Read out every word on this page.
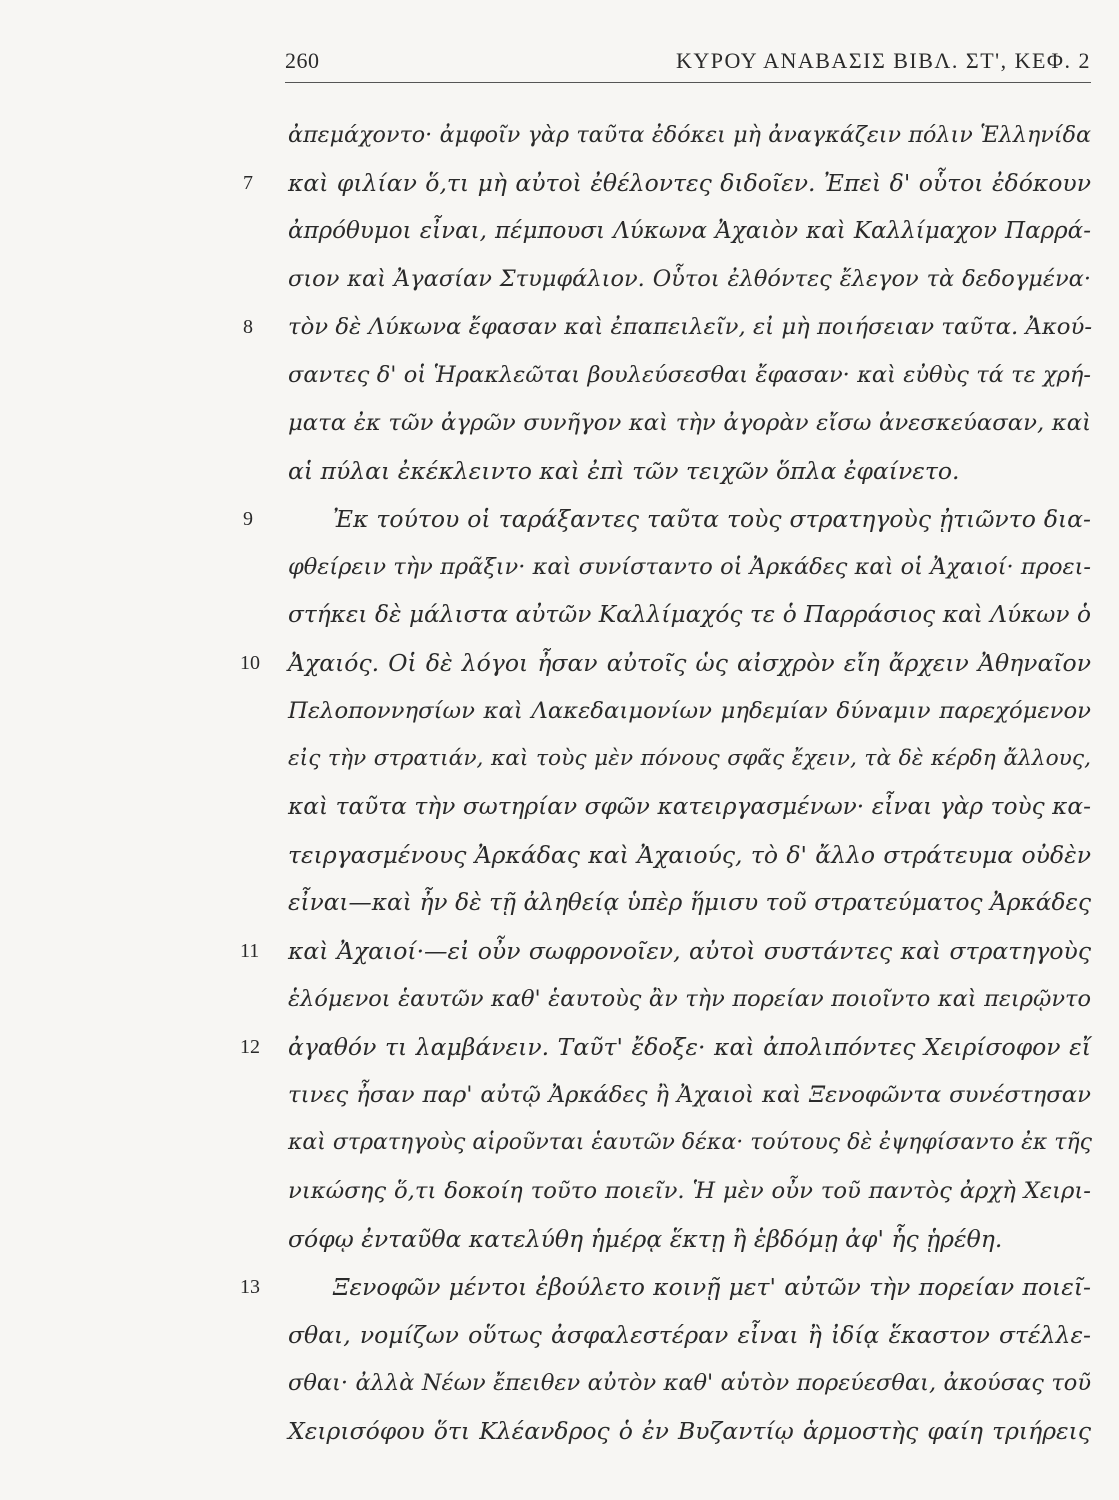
260	ΚΥΡΟΥ ΑΝΑΒΑΣΙΣ ΒΙΒΛ. ΣΤ', ΚΕΦ. 2
ἀπεμάχοντο· ἀμφοῖν γὰρ ταῦτα ἐδόκει μὴ ἀναγκάζειν πόλιν Ἑλληνίδα
7	καὶ φιλίαν ὅ,τι μὴ αὐτοὶ ἐθέλοντες διδοῖεν. Ἐπεὶ δ' οὗτοι ἐδόκουν
ἀπρόθυμοι εἶναι, πέμπουσι Λύκωνα Ἀχαιὸν καὶ Καλλίμαχον Παρρά-
σιον καὶ Ἀγασίαν Στυμφάλιον. Οὗτοι ἐλθόντες ἔλεγον τὰ δεδογμένα·
8	τὸν δὲ Λύκωνα ἔφασαν καὶ ἐπαπειλεῖν, εἰ μὴ ποιήσειαν ταῦτα. Ἀκού-
σαντες δ' οἱ Ἡρακλεῶται βουλεύσεσθαι ἔφασαν· καὶ εὐθὺς τά τε χρή-
ματα ἐκ τῶν ἀγρῶν συνῆγον καὶ τὴν ἀγορὰν εἴσω ἀνεσκεύασαν, καὶ
αἱ πύλαι ἐκέκλειντο καὶ ἐπὶ τῶν τειχῶν ὅπλα ἐφαίνετο.
9	Ἐκ τούτου οἱ ταράξαντες ταῦτα τοὺς στρατηγοὺς ᾐτιῶντο δια-
φθείρειν τὴν πρᾶξιν· καὶ συνίσταντο οἱ Ἀρκάδες καὶ οἱ Ἀχαιοί· προει-
στήκει δὲ μάλιστα αὐτῶν Καλλίμαχός τε ὁ Παρράσιος καὶ Λύκων ὁ
10	Ἀχαιός. Οἱ δὲ λόγοι ἦσαν αὐτοῖς ὡς αἰσχρὸν εἴη ἄρχειν Ἀθηναῖον
Πελοποννησίων καὶ Λακεδαιμονίων μηδεμίαν δύναμιν παρεχόμενον
εἰς τὴν στρατιάν, καὶ τοὺς μὲν πόνους σφᾶς ἔχειν, τὰ δὲ κέρδη ἄλλους,
καὶ ταῦτα τὴν σωτηρίαν σφῶν κατειργασμένων· εἶναι γὰρ τοὺς κα-
τειργασμένους Ἀρκάδας καὶ Ἀχαιούς, τὸ δ' ἄλλο στράτευμα οὐδὲν
εἶναι—καὶ ἦν δὲ τῇ ἀληθείᾳ ὑπὲρ ἥμισυ τοῦ στρατεύματος Ἀρκάδες
11	καὶ Ἀχαιοί·—εἰ οὖν σωφρονοῖεν, αὐτοὶ συστάντες καὶ στρατηγοὺς
ἑλόμενοι ἑαυτῶν καθ' ἑαυτοὺς ἂν τὴν πορείαν ποιοῖντο καὶ πειρῷντο
12	ἀγαθόν τι λαμβάνειν. Ταῦτ' ἔδοξε· καὶ ἀπολιπόντες Χειρίσοφον εἴ
τινες ἦσαν παρ' αὐτῷ Ἀρκάδες ἢ Ἀχαιοὶ καὶ Ξενοφῶντα συνέστησαν
καὶ στρατηγοὺς αἱροῦνται ἑαυτῶν δέκα· τούτους δὲ ἐψηφίσαντο ἐκ τῆς
νικώσης ὅ,τι δοκοίη τοῦτο ποιεῖν. Ἡ μὲν οὖν τοῦ παντὸς ἀρχὴ Χειρι-
σόφῳ ἐνταῦθα κατελύθη ἡμέρᾳ ἕκτῃ ἢ ἑβδόμῃ ἀφ' ἧς ᾑρέθη.
13	Ξενοφῶν μέντοι ἐβούλετο κοινῇ μετ' αὐτῶν τὴν πορείαν ποιεῖ-
σθαι, νομίζων οὕτως ἀσφαλεστέραν εἶναι ἢ ἰδίᾳ ἕκαστον στέλλε-
σθαι· ἀλλὰ Νέων ἔπειθεν αὐτὸν καθ' αὑτὸν πορεύεσθαι, ἀκούσας τοῦ
Χειρισόφου ὅτι Κλέανδρος ὁ ἐν Βυζαντίῳ ἁρμοστὴς φαίη τριήρεις
